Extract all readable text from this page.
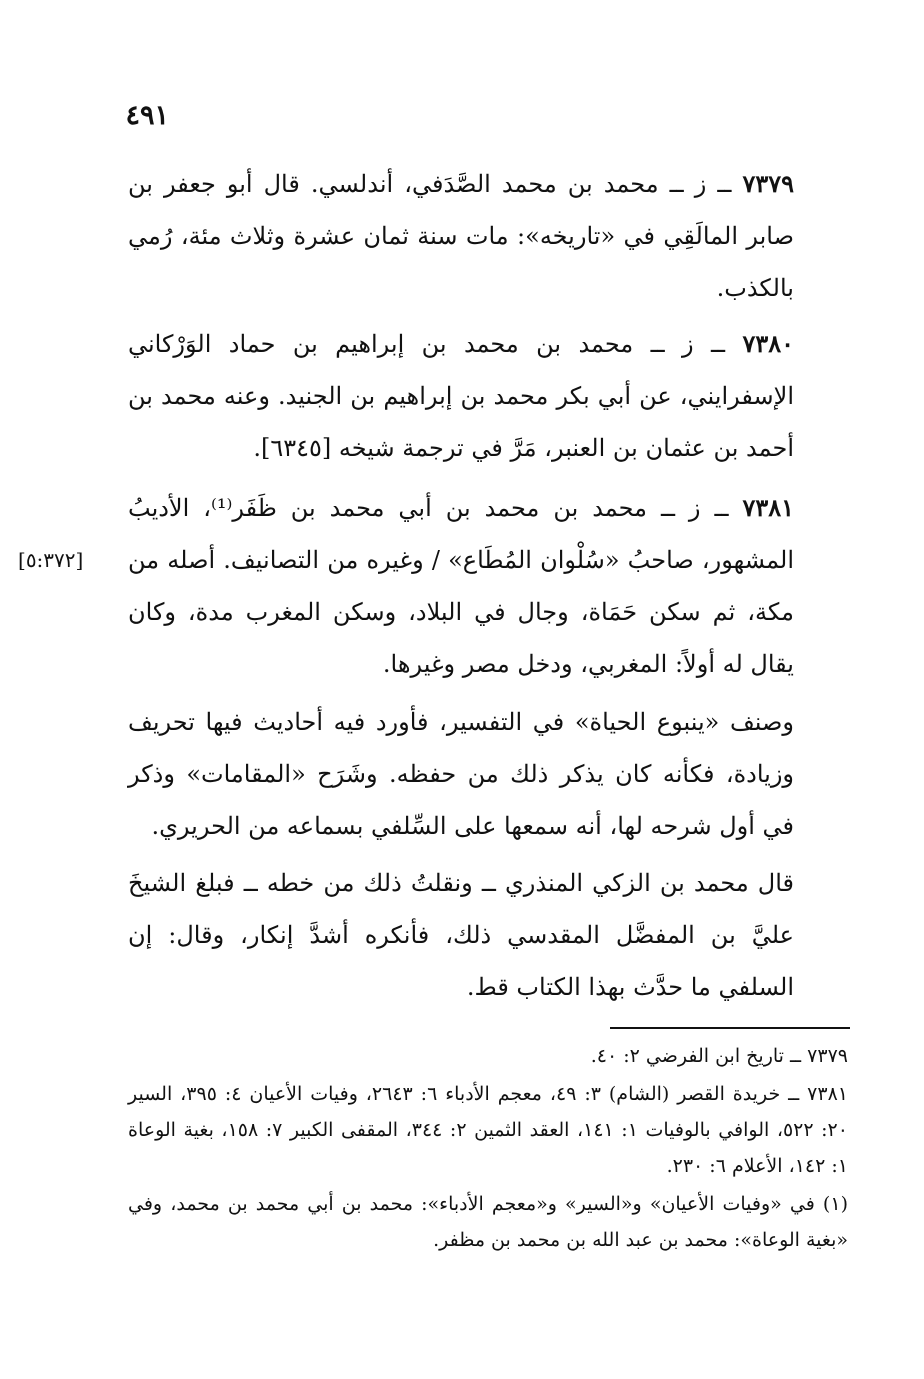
٤٩١

٧٣٧٩ ــ ز ــ محمد بن محمد الصَّدَفي، أندلسي. قال أبو جعفر بن صابر المالَقِي في «تاريخه»: مات سنة ثمان عشرة وثلاث مئة، رُمي بالكذب.

٧٣٨٠ ــ ز ــ محمد بن محمد بن إبراهيم بن حماد الوَرْكاني الإسفرايني، عن أبي بكر محمد بن إبراهيم بن الجنيد. وعنه محمد بن أحمد بن عثمان بن العنبر، مَرَّ في ترجمة شيخه [٦٣٤٥].

٧٣٨١ ــ ز ــ محمد بن محمد بن أبي محمد بن ظَفَر⁽¹⁾، الأديبُ المشهور، صاحبُ «سُلْوان المُطَاع» / وغيره من التصانيف. أصله من مكة، ثم سكن حَمَاة، وجال في البلاد، وسكن المغرب مدة، وكان يقال له أولاً: المغربي، ودخل مصر وغيرها.

[٥:٣٧٢]

وصنف «ينبوع الحياة» في التفسير، فأورد فيه أحاديث فيها تحريف وزيادة، فكأنه كان يذكر ذلك من حفظه. وشَرَح «المقامات» وذكر في أول شرحه لها، أنه سمعها على السِّلفي بسماعه من الحريري.

قال محمد بن الزكي المنذري ــ ونقلتُ ذلك من خطه ــ فبلغ الشيخَ عليَّ بن المفضَّل المقدسي ذلك، فأنكره أشدَّ إنكار، وقال: إن السلفي ما حدَّث بهذا الكتاب قط.

٧٣٧٩ ــ تاريخ ابن الفرضي ٢: ٤٠.

٧٣٨١ ــ خريدة القصر (الشام) ٣: ٤٩، معجم الأدباء ٦: ٢٦٤٣، وفيات الأعيان ٤: ٣٩٥، السير ٢٠: ٥٢٢، الوافي بالوفيات ١: ١٤١، العقد الثمين ٢: ٣٤٤، المقفى الكبير ٧: ١٥٨، بغية الوعاة ١: ١٤٢، الأعلام ٦: ٢٣٠.

(١) في «وفيات الأعيان» و«السير» و«معجم الأدباء»: محمد بن أبي محمد بن محمد، وفي «بغية الوعاة»: محمد بن عبد الله بن محمد بن مظفر.
